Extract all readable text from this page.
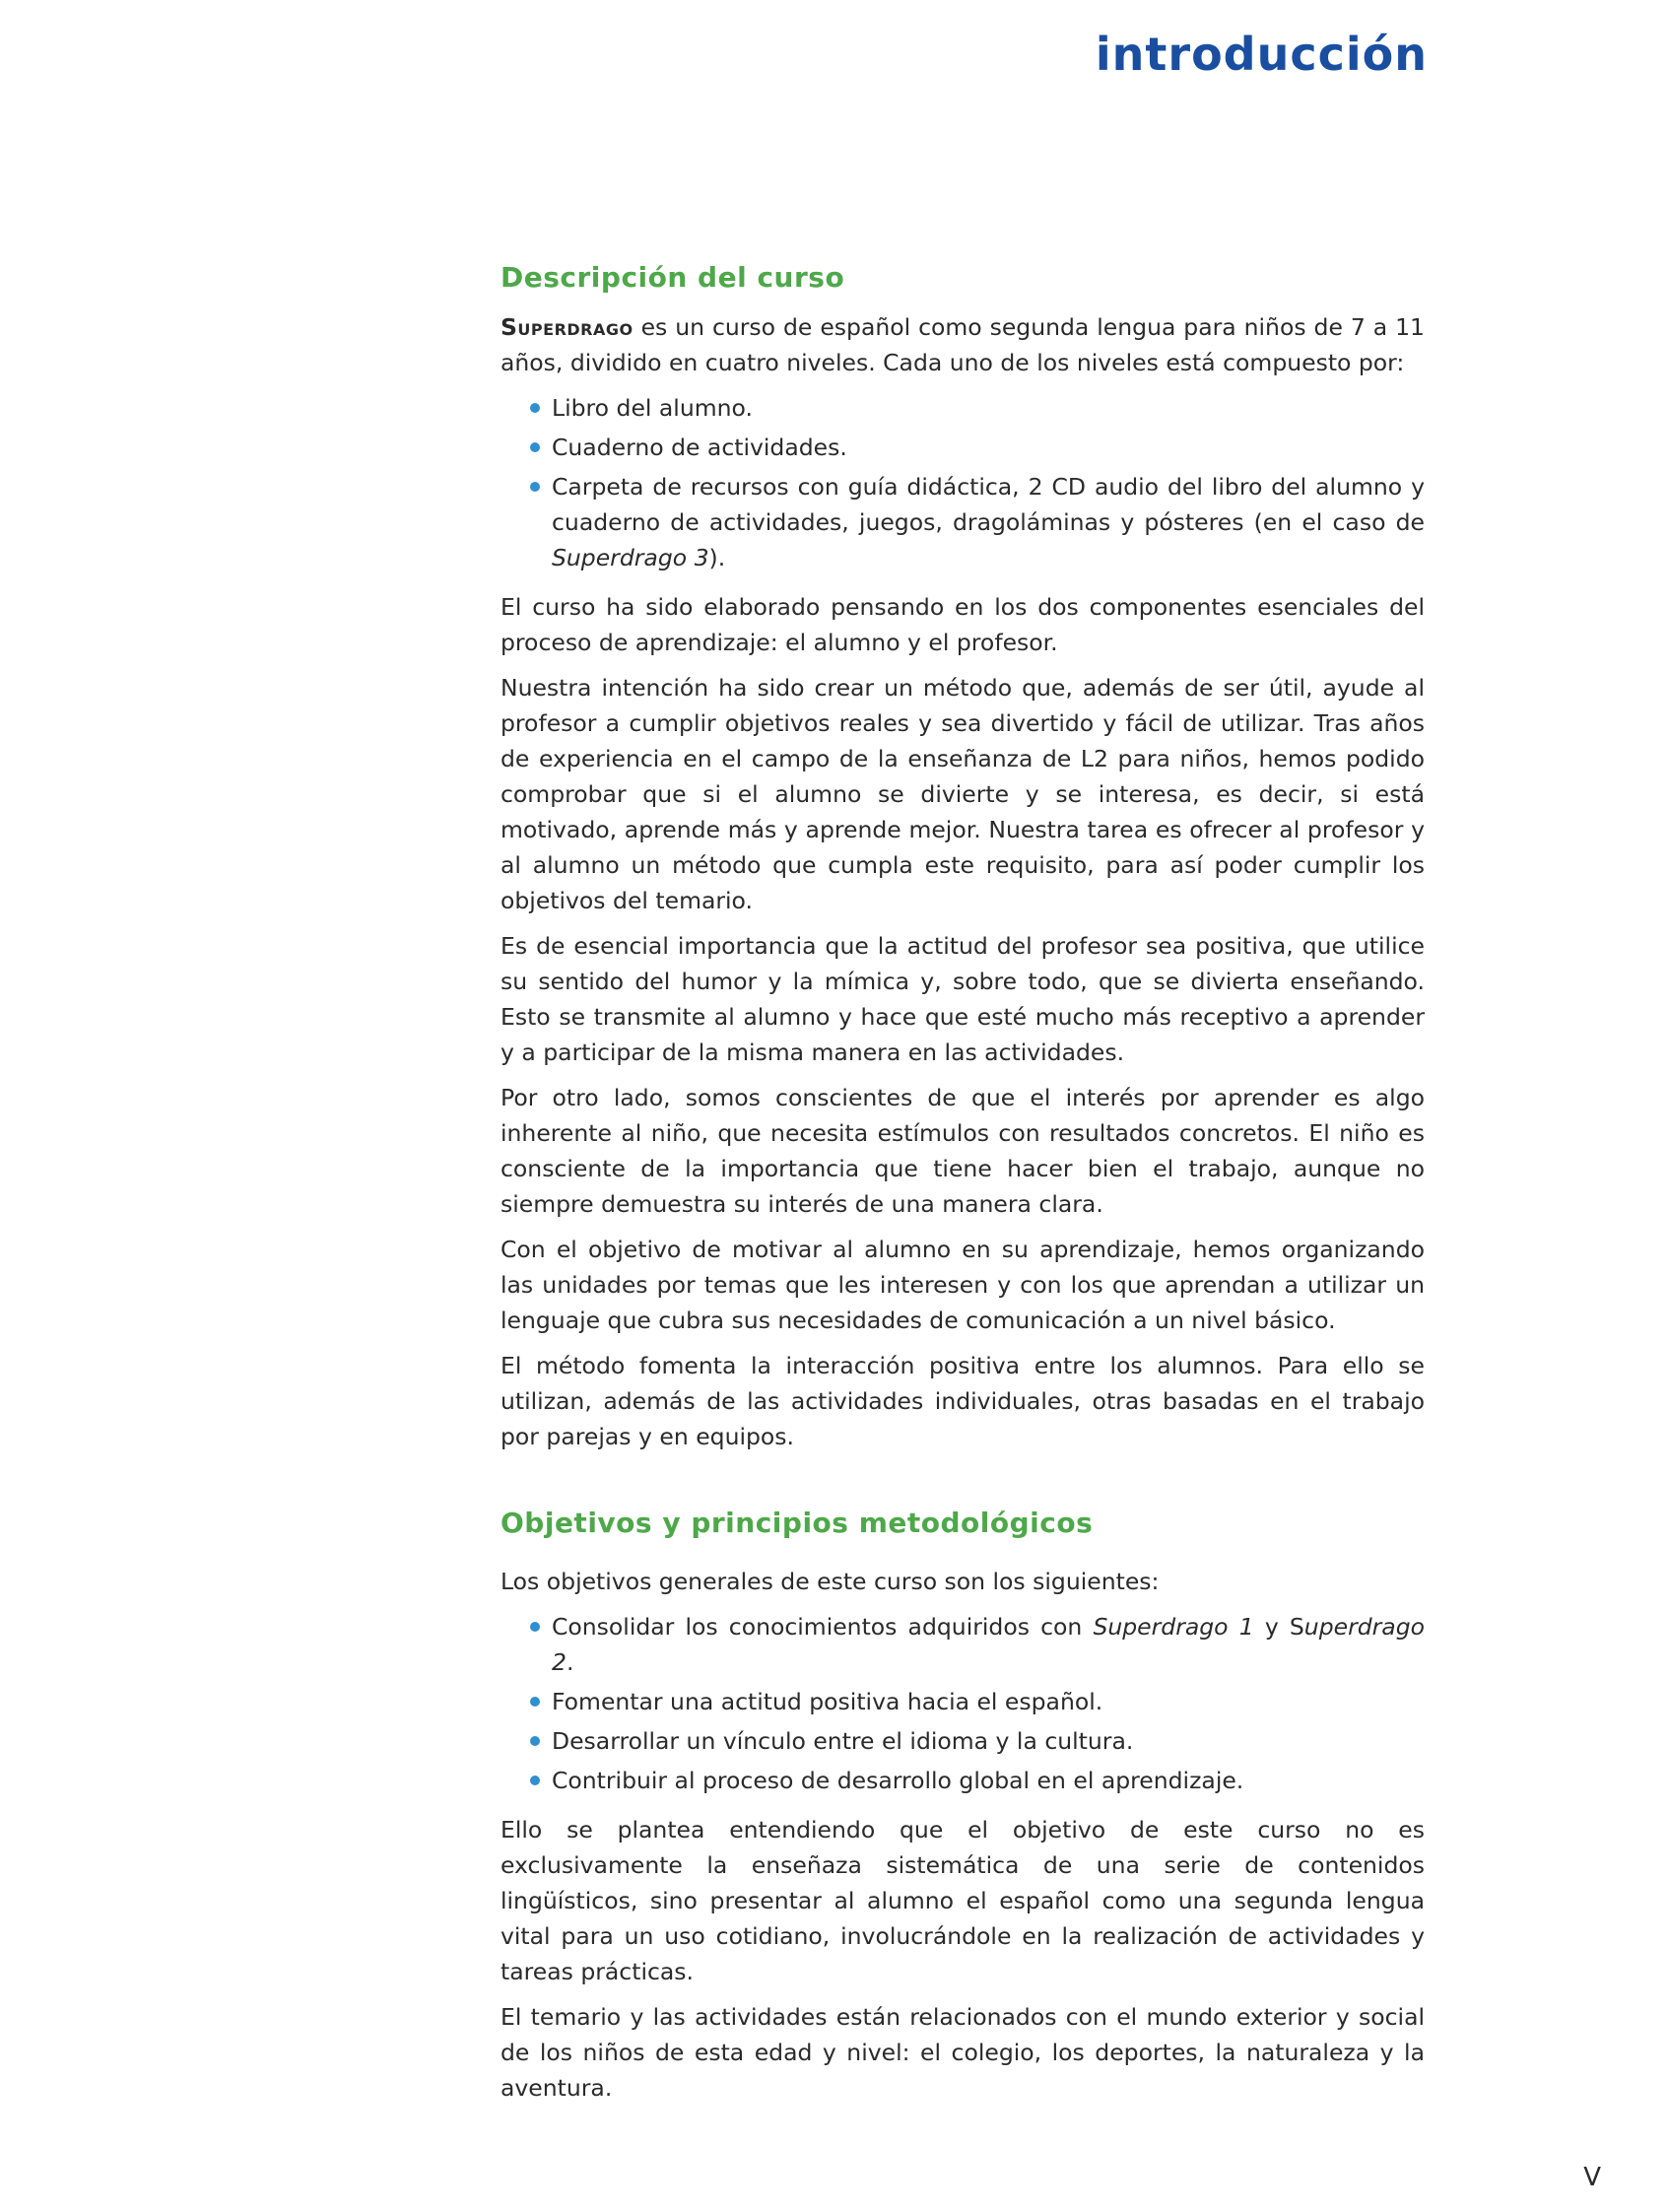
introducción
Descripción del curso

Superdrago es un curso de español como segunda lengua para niños de 7 a 11 años, dividido en cuatro niveles. Cada uno de los niveles está compuesto por:

Libro del alumno.
Cuaderno de actividades.
Carpeta de recursos con guía didáctica, 2 CD audio del libro del alumno y cuaderno de actividades, juegos, dragoláminas y pósteres (en el caso de Superdrago 3).

El curso ha sido elaborado pensando en los dos componentes esenciales del proceso de aprendizaje: el alumno y el profesor.

Nuestra intención ha sido crear un método que, además de ser útil, ayude al profesor a cumplir objetivos reales y sea divertido y fácil de utilizar. Tras años de experiencia en el campo de la enseñanza de L2 para niños, hemos podido comprobar que si el alumno se divierte y se interesa, es decir, si está motivado, aprende más y aprende mejor. Nuestra tarea es ofrecer al profesor y al alumno un método que cumpla este requisito, para así poder cumplir los objetivos del temario.

Es de esencial importancia que la actitud del profesor sea positiva, que utilice su sentido del humor y la mímica y, sobre todo, que se divierta enseñando. Esto se transmite al alumno y hace que esté mucho más receptivo a aprender y a participar de la misma manera en las actividades.

Por otro lado, somos conscientes de que el interés por aprender es algo inherente al niño, que necesita estímulos con resultados concretos. El niño es consciente de la importancia que tiene hacer bien el trabajo, aunque no siempre demuestra su interés de una manera clara.

Con el objetivo de motivar al alumno en su aprendizaje, hemos organizando las unidades por temas que les interesen y con los que aprendan a utilizar un lenguaje que cubra sus necesidades de comunicación a un nivel básico.

El método fomenta la interacción positiva entre los alumnos. Para ello se utilizan, además de las actividades individuales, otras basadas en el trabajo por parejas y en equipos.

Objetivos y principios metodológicos

Los objetivos generales de este curso son los siguientes:

Consolidar los conocimientos adquiridos con Superdrago 1 y Superdrago 2.
Fomentar una actitud positiva hacia el español.
Desarrollar un vínculo entre el idioma y la cultura.
Contribuir al proceso de desarrollo global en el aprendizaje.

Ello se plantea entendiendo que el objetivo de este curso no es exclusivamente la enseñaza sistemática de una serie de contenidos lingüísticos, sino presentar al alumno el español como una segunda lengua vital para un uso cotidiano, involucrándole en la realización de actividades y tareas prácticas.

El temario y las actividades están relacionados con el mundo exterior y social de los niños de esta edad y nivel: el colegio, los deportes, la naturaleza y la aventura.

V
